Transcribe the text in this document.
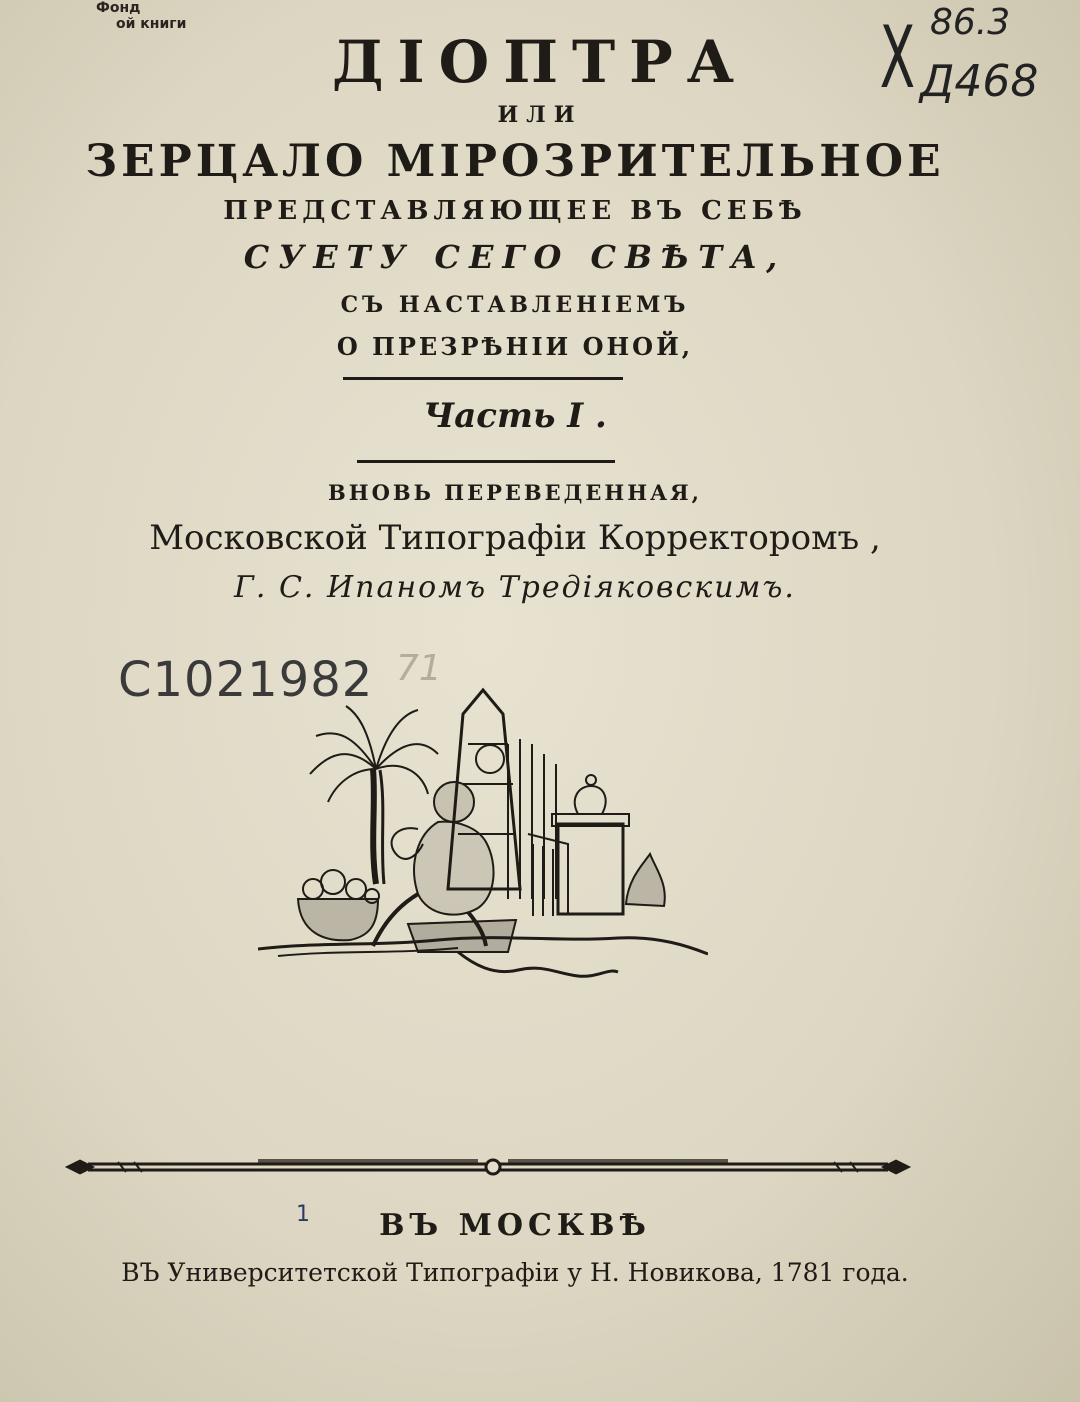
Фонд
ой книги	Х 86.3
Д468
ДІОПТРА
ИЛИ
ЗЕРЦАЛО МІРОЗРИТЕЛЬНОЕ
ПРЕДСТАВЛЯЮЩЕЕ ВЪ СЕБѢ
СУЕТУ СЕГО СВѢТА,
СЪ НАСТАВЛЕНІЕМЪ
О ПРЕЗРѢНІИ ОНОЙ,
Часть I .
ВНОВЬ ПЕРЕВЕДЕННАЯ,
Московской Типографіи Корректоромъ ,
Г. С. Ипаномъ Тредіяковскимъ.
С1021982 71
1	ВЪ МОСКВѢ
ВЪ Университетской Типографіи у Н. Новикова, 1781 года.
